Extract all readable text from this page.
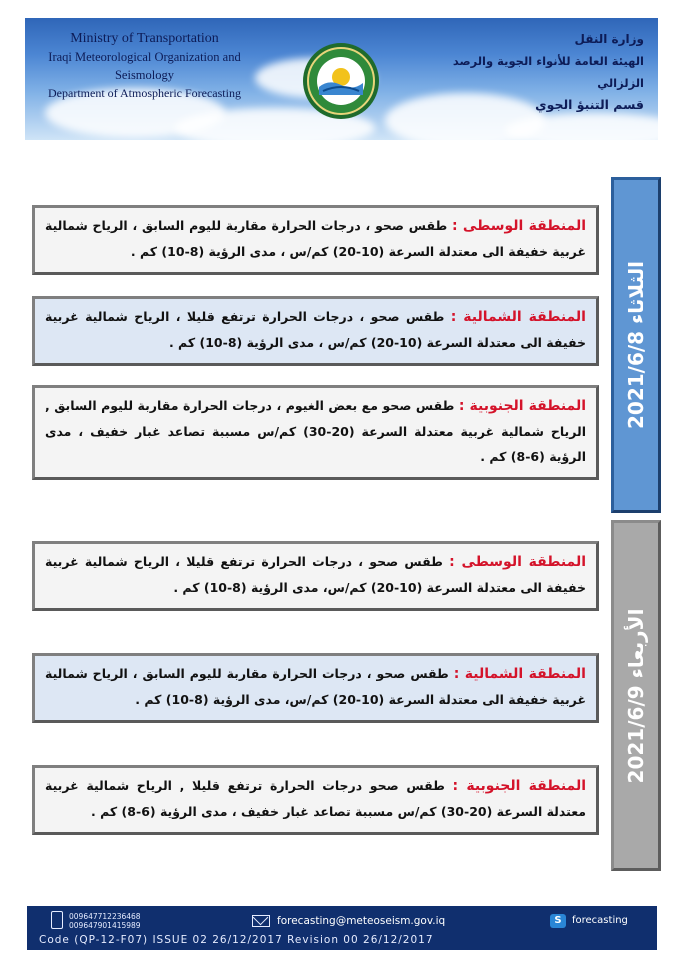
Ministry of Transportation
Iraqi Meteorological Organization and Seismology
Department of Atmospheric Forecasting
وزارة النقل
الهيئة العامة للأنواء الجوية والرصد الزلزالي
قسم التنبؤ الجوي
الثلاثاء 2021/6/8
المنطقة الوسطى : طقس صحو ، درجات الحرارة مقاربة لليوم السابق ، الرياح شمالية غربية خفيفة الى معتدلة السرعة (10-20) كم/س ، مدى الرؤية (8-10) كم .
المنطقة الشمالية : طقس صحو ، درجات الحرارة ترتفع قليلا ، الرياح شمالية غربية خفيفة الى معتدلة السرعة (10-20) كم/س ، مدى الرؤية (8-10) كم .
المنطقة الجنوبية : طقس صحو مع بعض الغيوم ، درجات الحرارة مقاربة لليوم السابق , الرياح شمالية غربية معتدلة السرعة (20-30) كم/س مسببة تصاعد غبار خفيف ، مدى الرؤية (6-8) كم .
الأربعاء 2021/6/9
المنطقة الوسطى : طقس صحو ، درجات الحرارة ترتفع قليلا ، الرياح شمالية غربية خفيفة الى معتدلة السرعة (10-20) كم/س، مدى الرؤية (8-10) كم .
المنطقة الشمالية : طقس صحو ، درجات الحرارة مقاربة لليوم السابق ، الرياح شمالية غربية خفيفة الى معتدلة السرعة (10-20) كم/س، مدى الرؤية (8-10) كم .
المنطقة الجنوبية : طقس صحو درجات الحرارة ترتفع قليلا , الرياح شمالية غربية معتدلة السرعة (20-30) كم/س مسببة تصاعد غبار خفيف ، مدى الرؤية (6-8) كم .
009647712236468
009647901415989	forecasting@meteoseism.gov.iq	S	forecasting
Code (QP-12-F07) ISSUE 02 26/12/2017 Revision 00 26/12/2017
